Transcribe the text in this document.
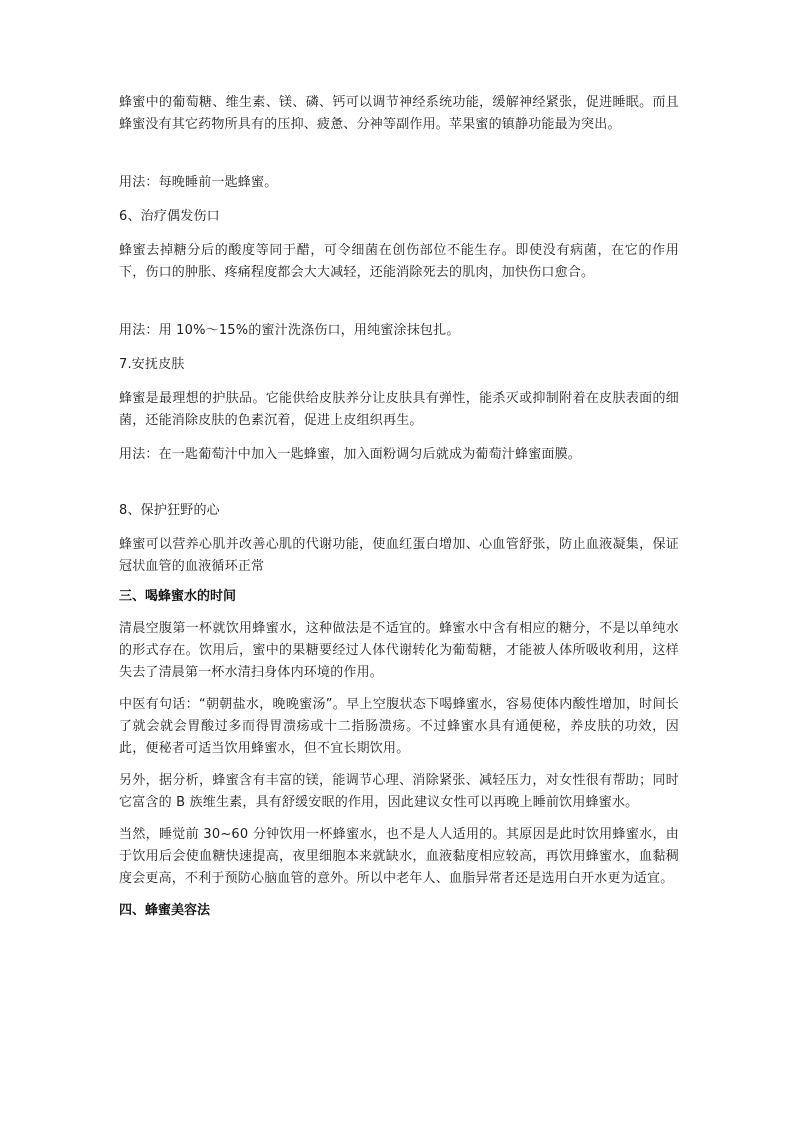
蜂蜜中的葡萄糖、维生素、镁、磷、钙可以调节神经系统功能，缓解神经紧张，促进睡眠。而且蜂蜜没有其它药物所具有的压抑、疲惫、分神等副作用。苹果蜜的镇静功能最为突出。

用法：每晚睡前一匙蜂蜜。

6、治疗偶发伤口

蜂蜜去掉糖分后的酸度等同于醋，可令细菌在创伤部位不能生存。即使没有病菌，在它的作用下，伤口的肿胀、疼痛程度都会大大减轻，还能消除死去的肌肉，加快伤口愈合。

用法：用 10%～15%的蜜汁洗涤伤口，用纯蜜涂抹包扎。

7.安抚皮肤

蜂蜜是最理想的护肤品。它能供给皮肤养分让皮肤具有弹性，能杀灭或抑制附着在皮肤表面的细菌，还能消除皮肤的色素沉着，促进上皮组织再生。

用法：在一匙葡萄汁中加入一匙蜂蜜，加入面粉调匀后就成为葡萄汁蜂蜜面膜。

8、保护狂野的心

蜂蜜可以营养心肌并改善心肌的代谢功能，使血红蛋白增加、心血管舒张，防止血液凝集，保证冠状血管的血液循环正常

三、喝蜂蜜水的时间

清晨空腹第一杯就饮用蜂蜜水，这种做法是不适宜的。蜂蜜水中含有相应的糖分，不是以单纯水的形式存在。饮用后，蜜中的果糖要经过人体代谢转化为葡萄糖，才能被人体所吸收利用，这样失去了清晨第一杯水清扫身体内环境的作用。

中医有句话：“朝朝盐水，晚晚蜜汤”。早上空腹状态下喝蜂蜜水，容易使体内酸性增加，时间长了就会就会胃酸过多而得胃溃疡或十二指肠溃疡。不过蜂蜜水具有通便秘，养皮肤的功效，因此，便秘者可适当饮用蜂蜜水，但不宜长期饮用。

另外，据分析，蜂蜜含有丰富的镁，能调节心理、消除紧张、减轻压力，对女性很有帮助；同时它富含的 B 族维生素，具有舒缓安眠的作用，因此建议女性可以再晚上睡前饮用蜂蜜水。

当然，睡觉前 30~60 分钟饮用一杯蜂蜜水，也不是人人适用的。其原因是此时饮用蜂蜜水，由于饮用后会使血糖快速提高，夜里细胞本来就缺水，血液黏度相应较高，再饮用蜂蜜水，血黏稠度会更高，不利于预防心脑血管的意外。所以中老年人、血脂异常者还是选用白开水更为适宜。

四、蜂蜜美容法
